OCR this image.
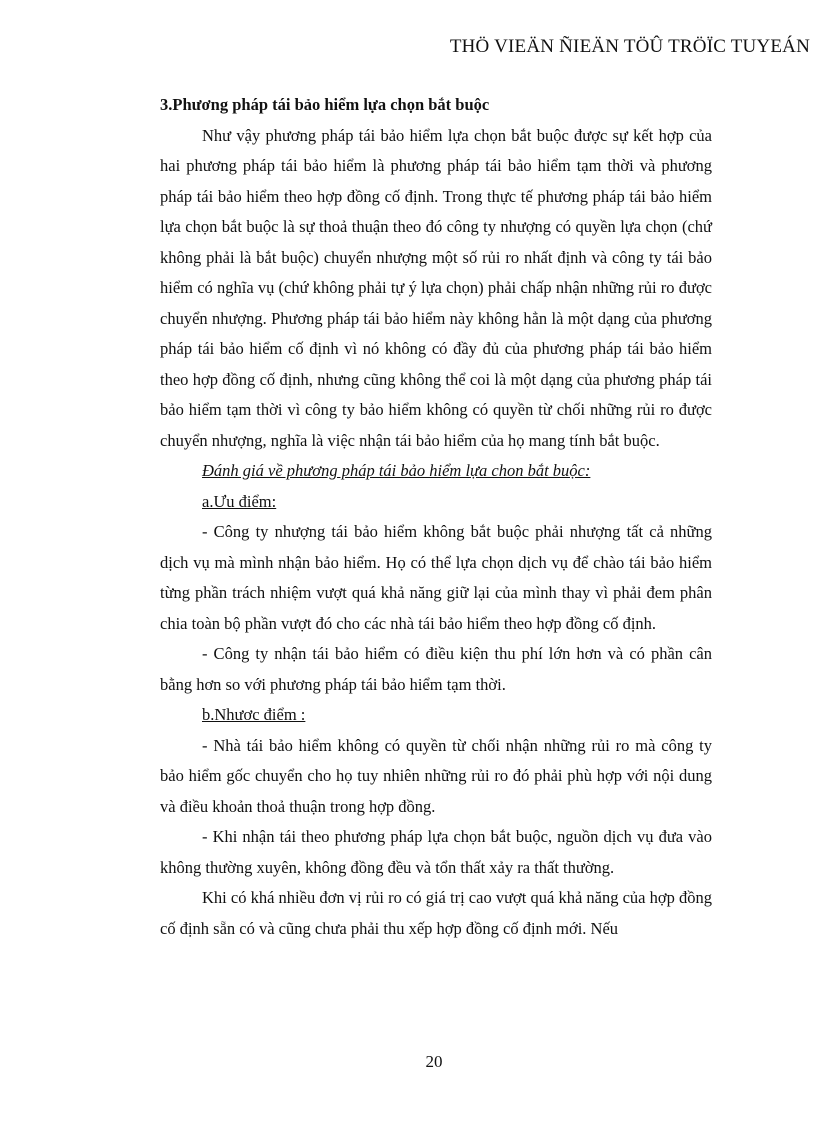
THÖ VIEÄN ÑIEÄN TÖÛ TRÖÏC TUYEÁN

3.Phương pháp tái bảo hiểm lựa chọn bắt buộc

Như vậy phương pháp tái bảo hiểm lựa chọn bắt buộc được sự kết hợp của hai phương pháp tái bảo hiểm là phương pháp tái bảo hiểm tạm thời và phương pháp tái bảo hiểm theo hợp đồng cố định. Trong thực tế phương pháp tái bảo hiểm lựa chọn bắt buộc là sự thoả thuận theo đó công ty nhượng có quyền lựa chọn (chứ không phải là bắt buộc) chuyển nhượng một số rủi ro nhất định và công ty tái bảo hiểm có nghĩa vụ (chứ không phải tự ý lựa chọn) phải chấp nhận những rủi ro được chuyển nhượng. Phương pháp tái bảo hiểm này không hẳn là một dạng của phương pháp tái bảo hiểm cố định vì nó không có đầy đủ của phương pháp tái bảo hiểm theo hợp đồng cố định, nhưng cũng không thể coi là một dạng của phương pháp tái bảo hiểm tạm thời vì công ty bảo hiểm không có quyền từ chối những rủi ro được chuyển nhượng, nghĩa là việc nhận tái bảo hiểm của họ mang tính bắt buộc.

Đánh giá về phương pháp tái bảo hiểm lựa chon bắt buộc:

a.Ưu điểm:

- Công ty nhượng tái bảo hiểm không bắt buộc phải nhượng tất cả những dịch vụ mà mình nhận bảo hiểm. Họ có thể lựa chọn dịch vụ để chào tái bảo hiểm từng phần trách nhiệm vượt quá khả năng giữ lại của mình thay vì phải đem phân chia toàn bộ phần vượt đó cho các nhà tái bảo hiểm theo hợp đồng cố định.

- Công ty nhận tái bảo hiểm có điều kiện thu phí lớn hơn và có phần cân bằng hơn so với phương pháp tái bảo hiểm tạm thời.

b.Nhươc điểm :

- Nhà tái bảo hiểm không có quyền từ chối nhận những rủi ro mà công ty bảo hiểm gốc chuyển cho họ tuy nhiên những rủi ro đó phải phù hợp với nội dung và điều khoản thoả thuận trong hợp đồng.

- Khi nhận tái theo phương pháp lựa chọn bắt buộc, nguồn dịch vụ đưa vào không thường xuyên, không đồng đều và tổn thất xảy ra thất thường.

Khi có khá nhiều đơn vị rủi ro có giá trị cao vượt quá khả năng của hợp đồng cố định sẵn có và cũng chưa phải thu xếp hợp đồng cố định mới. Nếu

20
